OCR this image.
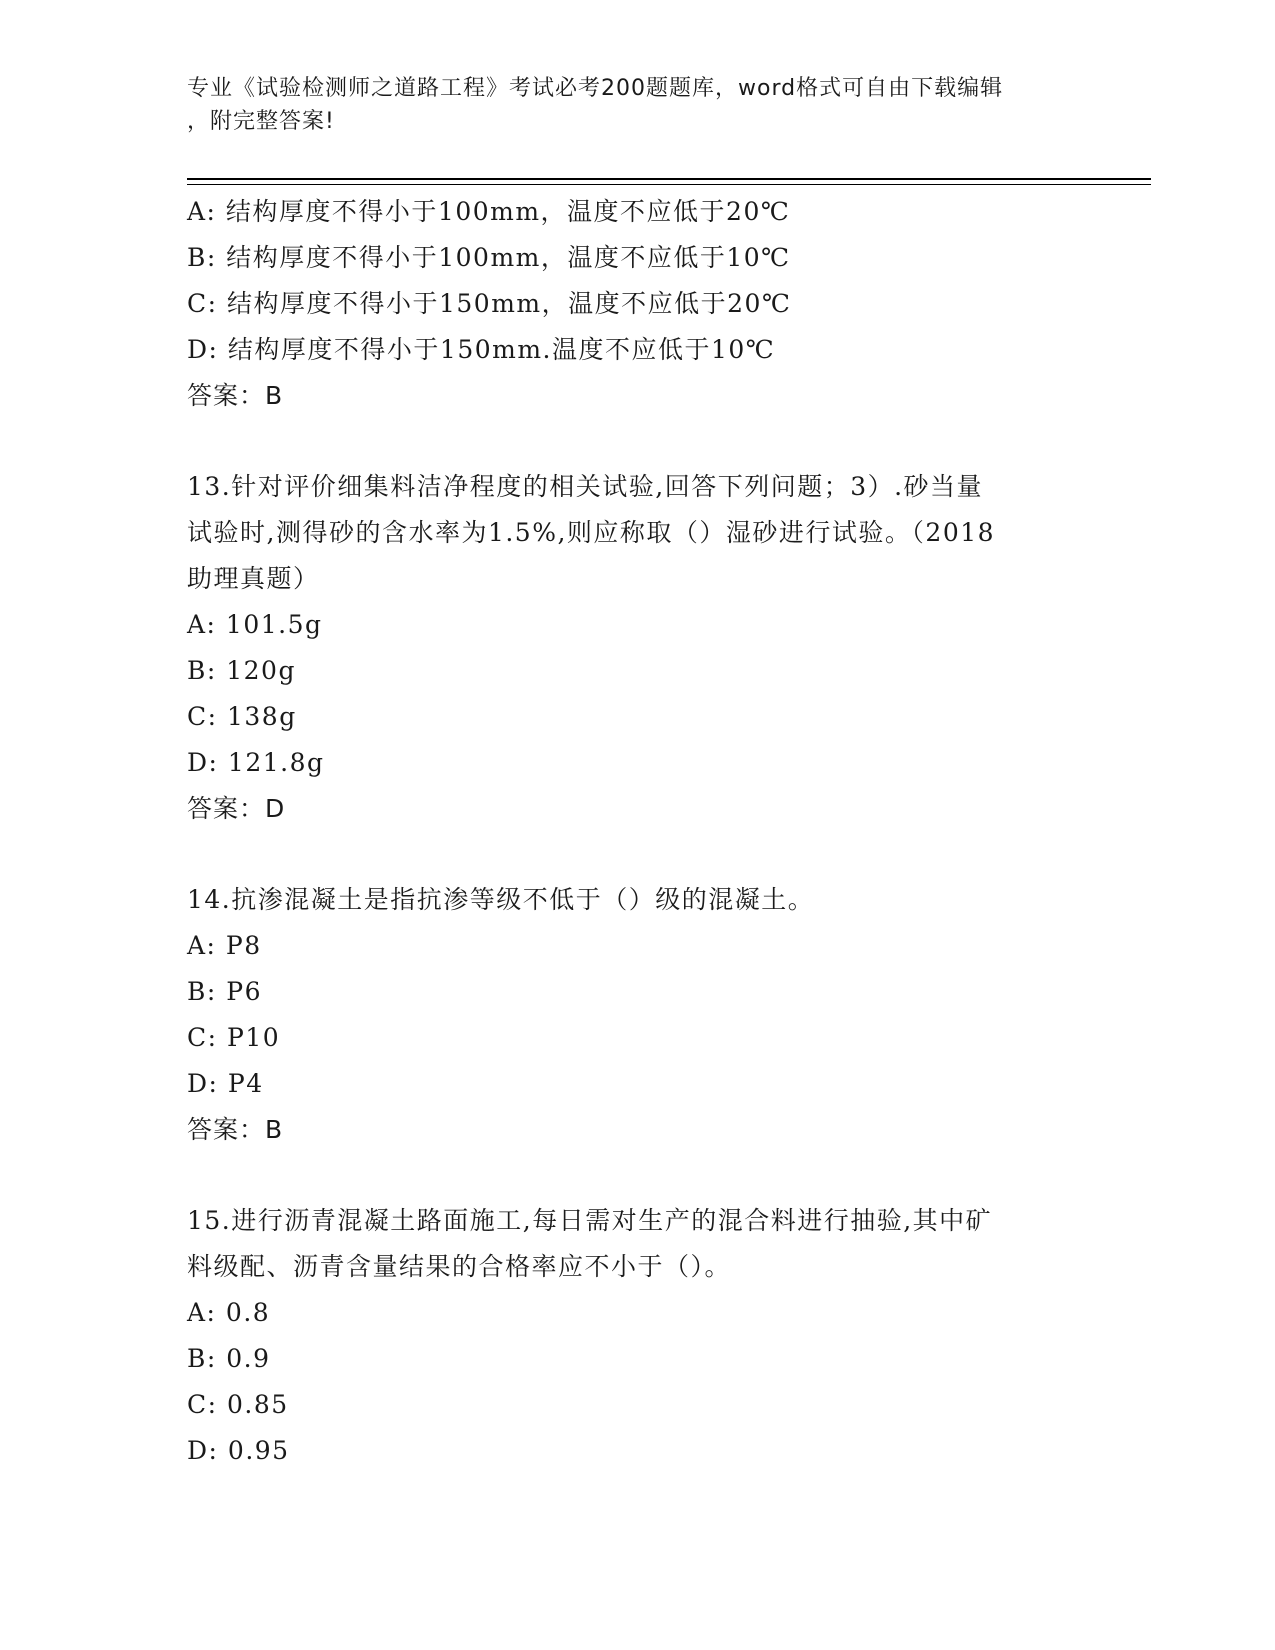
专业《试验检测师之道路工程》考试必考200题题库，word格式可自由下载编辑
，附完整答案!
A: 结构厚度不得小于100mm，温度不应低于20℃
B: 结构厚度不得小于100mm，温度不应低于10℃
C: 结构厚度不得小于150mm，温度不应低于20℃
D: 结构厚度不得小于150mm.温度不应低于10℃
答案：B
13.针对评价细集料洁净程度的相关试验,回答下列问题；3）.砂当量
试验时,测得砂的含水率为1.5%,则应称取（）湿砂进行试验。（2018
助理真题）
A: 101.5g
B: 120g
C: 138g
D: 121.8g
答案：D
14.抗渗混凝土是指抗渗等级不低于（）级的混凝土。
A: P8
B: P6
C: P10
D: P4
答案：B
15.进行沥青混凝土路面施工,每日需对生产的混合料进行抽验,其中矿
料级配、沥青含量结果的合格率应不小于（）。
A: 0.8
B: 0.9
C: 0.85
D: 0.95
